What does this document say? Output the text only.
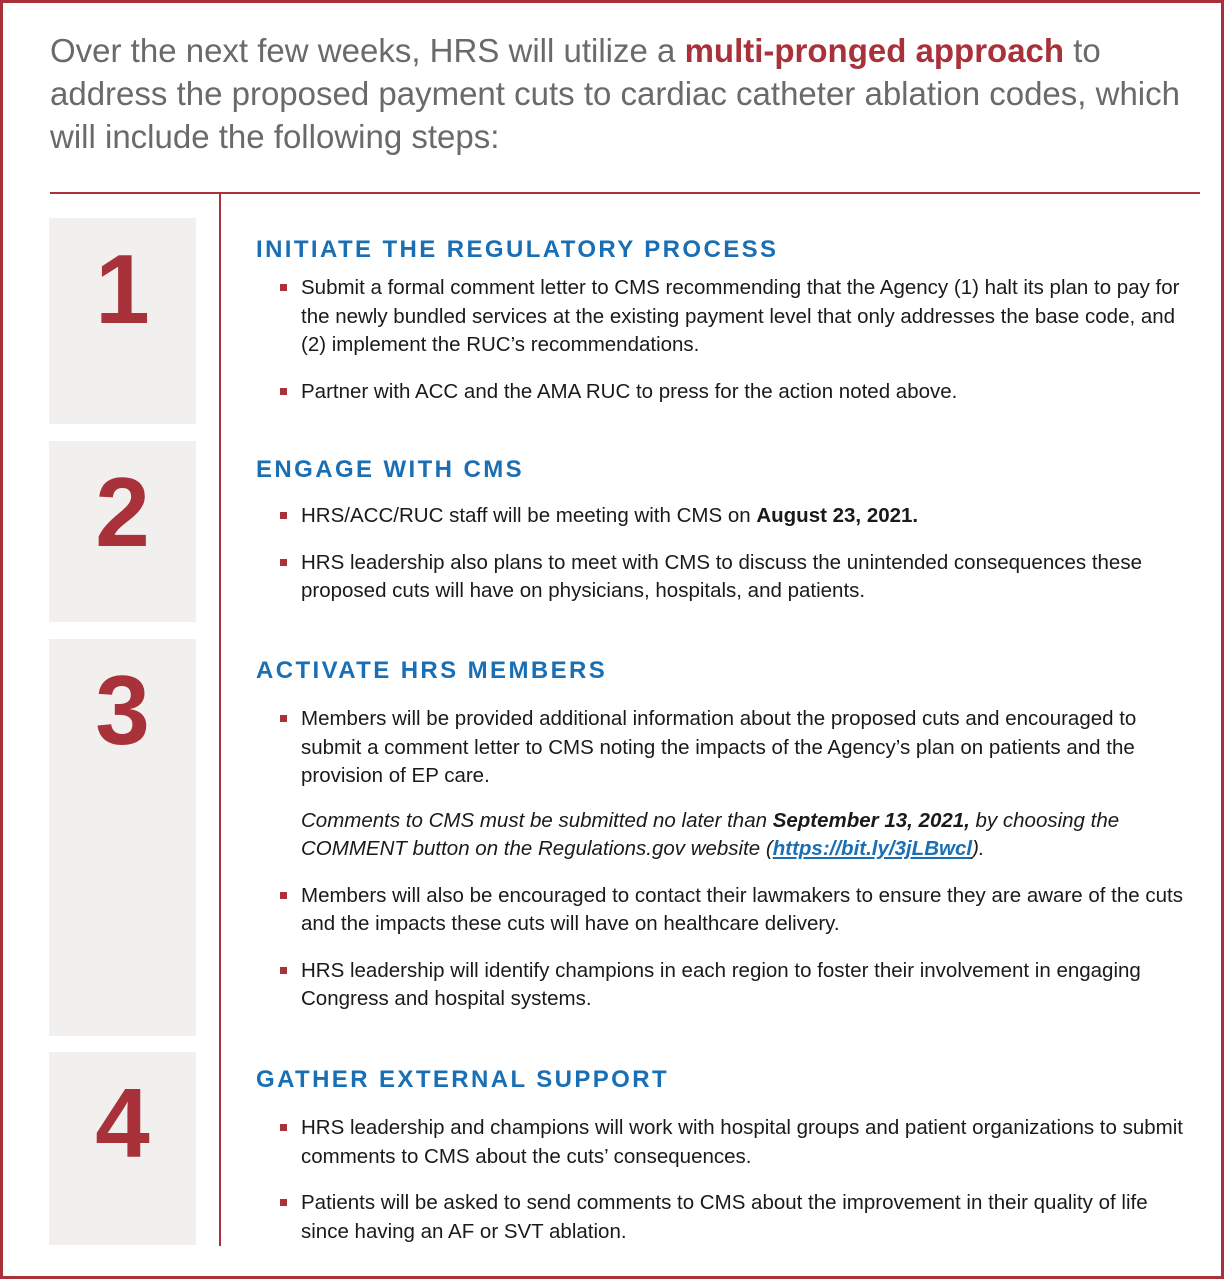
Over the next few weeks, HRS will utilize a multi-pronged approach to address the proposed payment cuts to cardiac catheter ablation codes, which will include the following steps:

1
2
3
4
INITIATE THE REGULATORY PROCESS
Submit a formal comment letter to CMS recommending that the Agency (1) halt its plan to pay for the newly bundled services at the existing payment level that only addresses the base code, and (2) implement the RUC’s recommendations.
Partner with ACC and the AMA RUC to press for the action noted above.
ENGAGE WITH CMS
HRS/ACC/RUC staff will be meeting with CMS on August 23, 2021.
HRS leadership also plans to meet with CMS to discuss the unintended consequences these proposed cuts will have on physicians, hospitals, and patients.
ACTIVATE HRS MEMBERS
Members will be provided additional information about the proposed cuts and encouraged to submit a comment letter to CMS noting the impacts of the Agency’s plan on patients and the provision of EP care.

Comments to CMS must be submitted no later than September 13, 2021, by choosing the COMMENT button on the Regulations.gov website (https://bit.ly/3jLBwcl).

Members will also be encouraged to contact their lawmakers to ensure they are aware of the cuts and the impacts these cuts will have on healthcare delivery.
HRS leadership will identify champions in each region to foster their involvement in engaging Congress and hospital systems.
GATHER EXTERNAL SUPPORT
HRS leadership and champions will work with hospital groups and patient organizations to submit comments to CMS about the cuts’ consequences.
Patients will be asked to send comments to CMS about the improvement in their quality of life since having an AF or SVT ablation.
